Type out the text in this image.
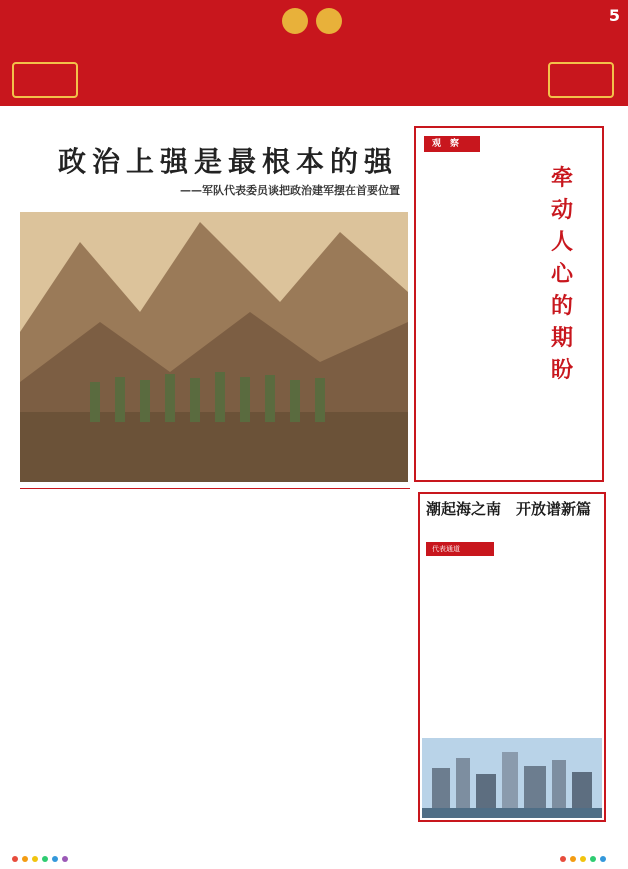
5
政治上强是最根本的强
——军队代表委员谈把政治建军摆在首要位置
观　察
牵动人心的期盼
潮起海之南　开放谱新篇
代表通道
